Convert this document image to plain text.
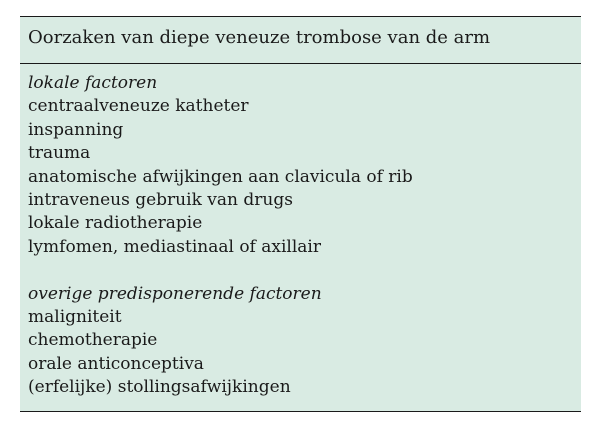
Oorzaken van diepe veneuze trombose van de arm
lokale factoren
centraalveneuze katheter
inspanning
trauma
anatomische afwijkingen aan clavicula of rib
intraveneus gebruik van drugs
lokale radiotherapie
lymfomen, mediastinaal of axillair
overige predisponerende factoren
maligniteit
chemotherapie
orale anticonceptiva
(erfelijke) stollingsafwijkingen
